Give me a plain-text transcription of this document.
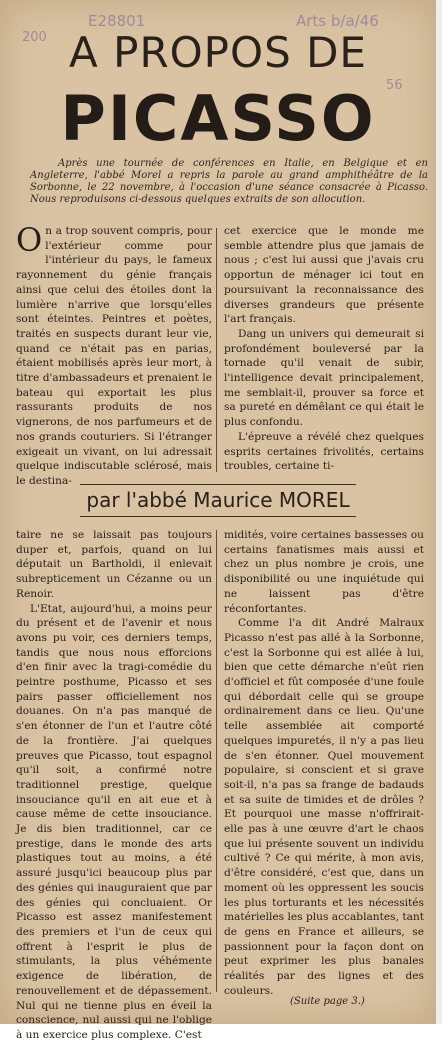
200
E28801	Arts b/a/46
56
A PROPOS DE
PICASSO
Après une tournée de conférences en Italie, en Belgique et en Angleterre, l'abbé Morel a repris la parole au grand amphithéâtre de la Sorbonne, le 22 novembre, à l'occasion d'une séance consacrée à Picasso. Nous reproduisons ci-dessous quelques extraits de son allocution.

On a trop souvent compris, pour l'extérieur comme pour l'intérieur du pays, le fameux rayonnement du génie français ainsi que celui des étoiles dont la lumière n'arrive que lorsqu'elles sont éteintes. Peintres et poètes, traités en suspects durant leur vie, quand ce n'était pas en parias, étaient mobilisés après leur mort, à titre d'ambassadeurs et prenaient le bateau qui exportait les plus rassurants produits de nos vignerons, de nos parfumeurs et de nos grands couturiers. Si l'étranger exigeait un vivant, on lui adressait quelque indiscutable sclérosé, mais le destina-

cet exercice que le monde me semble attendre plus que jamais de nous ; c'est lui aussi que j'avais cru opportun de ménager ici tout en poursuivant la reconnaissance des diverses grandeurs que présente l'art français.

Dang un univers qui demeurait si profondément bouleversé par la tornade qu'il venait de subir, l'intelligence devait principalement, me semblait-il, prouver sa force et sa pureté en démêlant ce qui était le plus confondu.

L'épreuve a révélé chez quelques esprits certaines frivolités, certains troubles, certaine ti-

par l'abbé Maurice MOREL

taire ne se laissait pas toujours duper et, parfois, quand on lui députait un Bartholdi, il enlevait subrepticement un Cézanne ou un Renoir.

L'Etat, aujourd'hui, a moins peur du présent et de l'avenir et nous avons pu voir, ces derniers temps, tandis que nous nous efforcions d'en finir avec la tragi-comédie du peintre posthume, Picasso et ses pairs passer officiellement nos douanes. On n'a pas manqué de s'en étonner de l'un et l'autre côté de la frontière. J'ai quelques preuves que Picasso, tout espagnol qu'il soit, a confirmé notre traditionnel prestige, quelque insouciance qu'il en ait eue et à cause même de cette insouciance. Je dis bien traditionnel, car ce prestige, dans le monde des arts plastiques tout au moins, a été assuré jusqu'ici beaucoup plus par des génies qui inauguraient que par des génies qui concluaient. Or Picasso est assez manifestement des premiers et l'un de ceux qui offrent à l'esprit le plus de stimulants, la plus véhémente exigence de libération, de renouvellement et de dépassement. Nul qui ne tienne plus en éveil la conscience, nul aussi qui ne l'oblige à un exercice plus complexe. C'est

midités, voire certaines bassesses ou certains fanatismes mais aussi et chez un plus nombre je crois, une disponibilité ou une inquiétude qui ne laissent pas d'être réconfortantes.

Comme l'a dit André Malraux Picasso n'est pas allé à la Sorbonne, c'est la Sorbonne qui est allée à lui, bien que cette démarche n'eût rien d'officiel et fût composée d'une foule qui débordait celle qui se groupe ordinairement dans ce lieu. Qu'une telle assemblée ait comporté quelques impuretés, il n'y a pas lieu de s'en étonner. Quel mouvement populaire, si conscient et si grave soit-il, n'a pas sa frange de badauds et sa suite de timides et de drôles ? Et pourquoi une masse n'offrirait-elle pas à une œuvre d'art le chaos que lui présente souvent un individu cultivé ? Ce qui mérite, à mon avis, d'être considéré, c'est que, dans un moment où les oppressent les soucis les plus torturants et les nécessités matérielles les plus accablantes, tant de gens en France et ailleurs, se passionnent pour la façon dont on peut exprimer les plus banales réalités par des lignes et des couleurs.

(Suite page 3.)
